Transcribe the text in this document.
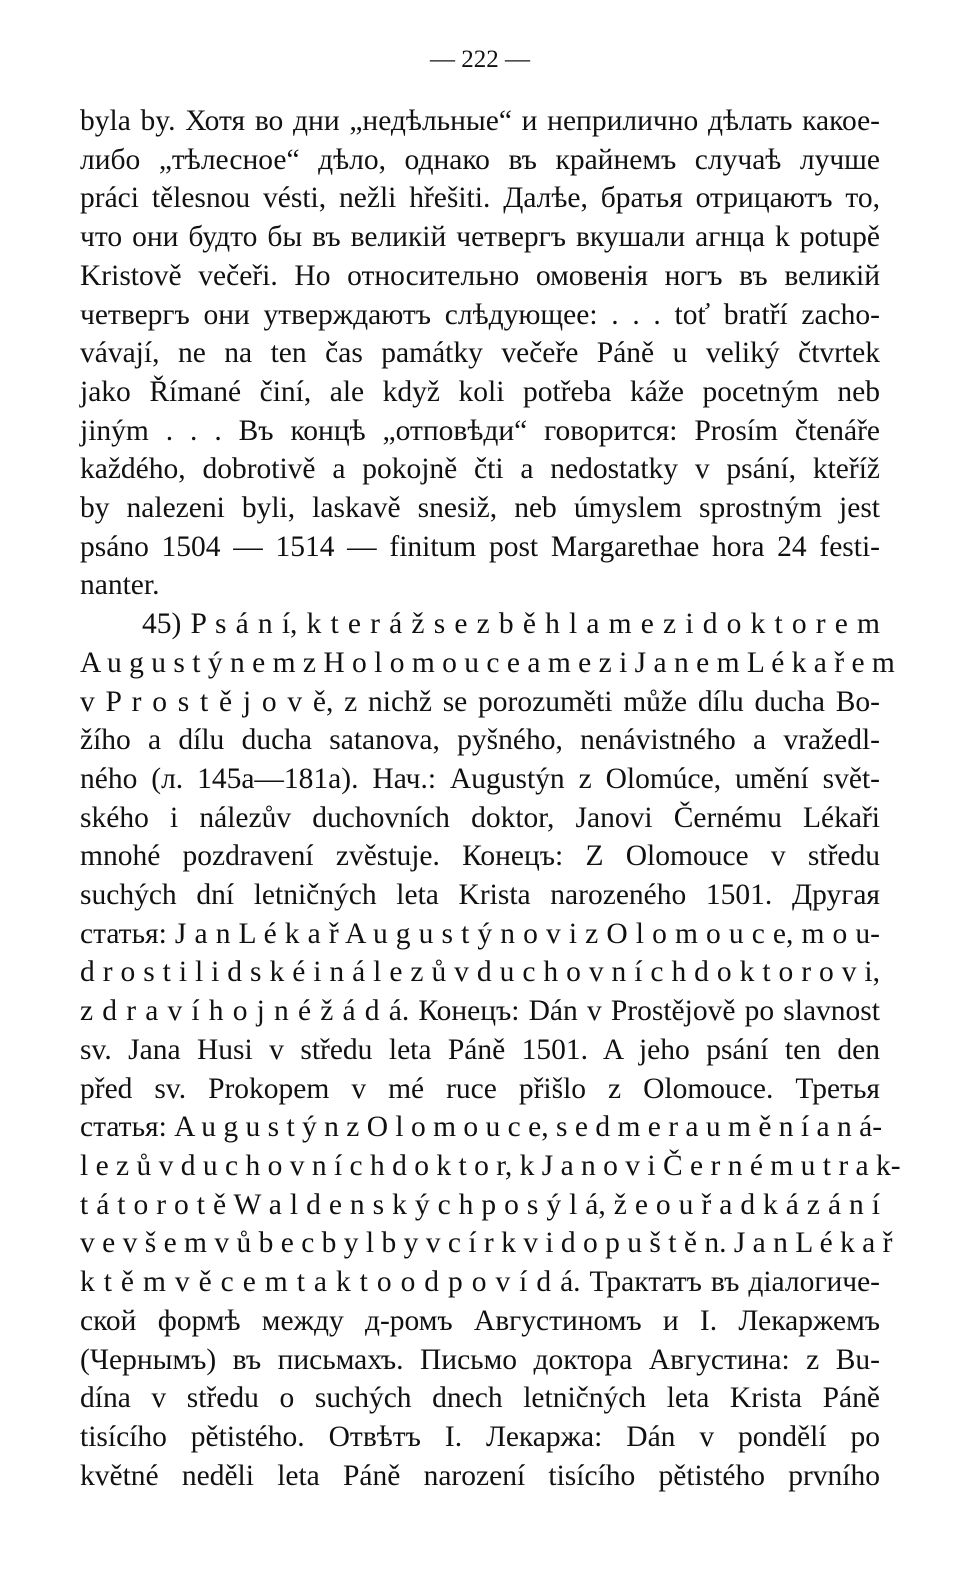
— 222 —
byla by. Хотя во дни „недѣльные“ и неприлично дѣлать какое-
либо „тѣлесное“ дѣло, однако въ крайнемъ случаѣ лучше
práci tělesnou vésti, nežli hřešiti. Далѣе, братья отрицаютъ то,
что они будто бы въ великій четвергъ вкушали агнца k potupě
Kristově večeři. Но относительно омовенія ногъ въ великій
четвергъ они утверждаютъ слѣдующее: . . . toť bratří zacho-
vávají, ne na ten čas památky večeře Páně u veliký čtvrtek
jako Římané činí, ale když koli potřeba káže pocetným neb
jiným . . . Въ концѣ „отповѣди“ говорится: Prosím čtenáře
každého, dobrotivě a pokojně čti a nedostatky v psání, kteříž
by nalezeni byli, laskavě snesiž, neb úmyslem sprostným jest
psáno 1504 — 1514 — finitum post Margarethae hora 24 festi-
nanter.
45) P s á n í, k t e r á ž s e z b ě h l a m e z i d o k t o r e m
A u g u s t ý n e m z H o l o m o u c e a m e z i J a n e m L é k a ř e m
v P r o s t ě j o v ě, z nichž se porozuměti může dílu ducha Bo-
žího a dílu ducha satanova, pyšného, nenávistného a vražedl-
ného (л. 145a—181a). Нач.: Augustýn z Olomúce, umění svět-
ského i nálezův duchovních doktor, Janovi Černému Lékaři
mnohé pozdravení zvěstuje. Конецъ: Z Olomouce v středu
suchých dní letničných leta Krista narozeného 1501. Другая
статья: J a n L é k a ř A u g u s t ý n o v i z O l o m o u c e, m o u-
d r o s t i l i d s k é i n á l e z ů v d u c h o v n í c h d o k t o r o v i,
z d r a v í h o j n é ž á d á. Конецъ: Dán v Prostějově po slavnost
sv. Jana Husi v středu leta Páně 1501. A jeho psání ten den
před sv. Prokopem v mé ruce přišlo z Olomouce. Третья
статья: A u g u s t ý n z O l o m o u c e, s e d m e r a u m ě n í a n á-
l e z ů v d u c h o v n í c h d o k t o r, k J a n o v i Č e r n é m u t r a k-
t á t o r o t ě W a l d e n s k ý c h p o s ý l á, ž e o u ř a d k á z á n í
v e v š e m v ů b e c b y l b y v c í r k v i d o p u š t ě n. J a n L é k a ř
k t ě m v ě c e m t a k t o o d p o v í d á. Трактатъ въ діалогиче-
ской формѣ между д-ромъ Августиномъ и І. Лекаржемъ
(Чернымъ) въ письмахъ. Письмо доктора Августина: z Bu-
dína v středu o suchých dnech letničných leta Krista Páně
tisícího pětistého. Отвѣтъ І. Лекаржа: Dán v pondělí po
květné neděli leta Páně narození tisícího pětistého prvního
